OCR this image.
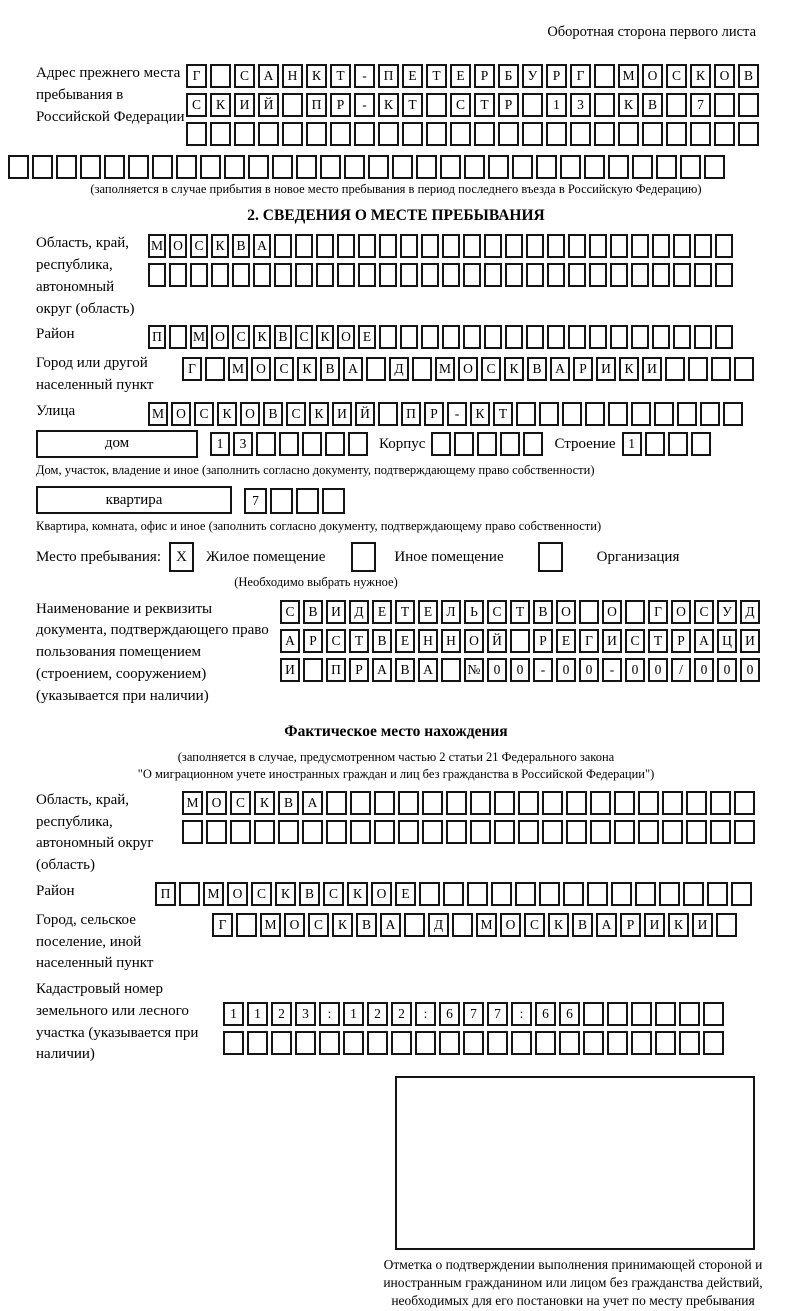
Оборотная сторона первого листа
Адрес прежнего места пребывания в Российской Федерации
Г	С	А	Н	К	Т	-	П	Е	Т	Е	Р	Б	У	Р	Г	М О	С	К	О	В
С	К	И	Й	П	Р	-	К	Т	С	Т	Р	1	3	К	В	7
(заполняется в случае прибытия в новое место пребывания в период последнего въезда в Российскую Федерацию)
2. СВЕДЕНИЯ О МЕСТЕ ПРЕБЫВАНИЯ
Область, край, республика, автономный округ (область)
М О С К В А
Район	П	М О С К В С К О Е
Город или другой населенный пункт
Г	М О	С	К	В	А	Д	М О	С	К	В	А	Р	И	К	И
Улица	М О	С	К	О	В	С	К	И Й	П	Р	-	К	Т
дом	1	3	Корпус	Строение 1
Дом, участок, владение и иное (заполнить согласно документу, подтверждающему право собственности)
квартира	7
Квартира, комната, офис и иное (заполнить согласно документу, подтверждающему право собственности)
Место пребывания:	X	Жилое помещение	Иное помещение	Организация
(Необходимо выбрать нужное)
Наименование и реквизиты документа, подтверждающего право пользования помещением (строением, сооружением) (указывается при наличии)
С	В	И	Д	Е	Т	Е	Л	Ь	С	Т	В	О	О	Г	О	С	У	Д
А	Р	С	Т	В	Е	Н Н О Й	Р	Е	Г	И	С	Т	Р	А Ц И
И	П	Р	А	В	А	№ 0	0	-	0	0	-	0	0	/	0	0	0
Фактическое место нахождения
(заполняется в случае, предусмотренном частью 2 статьи 21 Федерального закона
"О миграционном учете иностранных граждан и лиц без гражданства в Российской Федерации")
Область, край, республика, автономный округ (область)
М О	С	К	В	А
Район	П	М О	С	К	В	С	К	О	Е
Город, сельское поселение, иной населенный пункт
Г	М О	С	К	В	А	Д	М О	С	К	В	А	Р	И	К	И
Кадастровый номер земельного или лесного участка (указывается при наличии)
1	1	2	3	:	1	2	2	:	6	7	7	:	6	6
Отметка о подтверждении выполнения принимающей стороной и иностранным гражданином или лицом без гражданства действий, необходимых для его постановки на учет по месту пребывания
